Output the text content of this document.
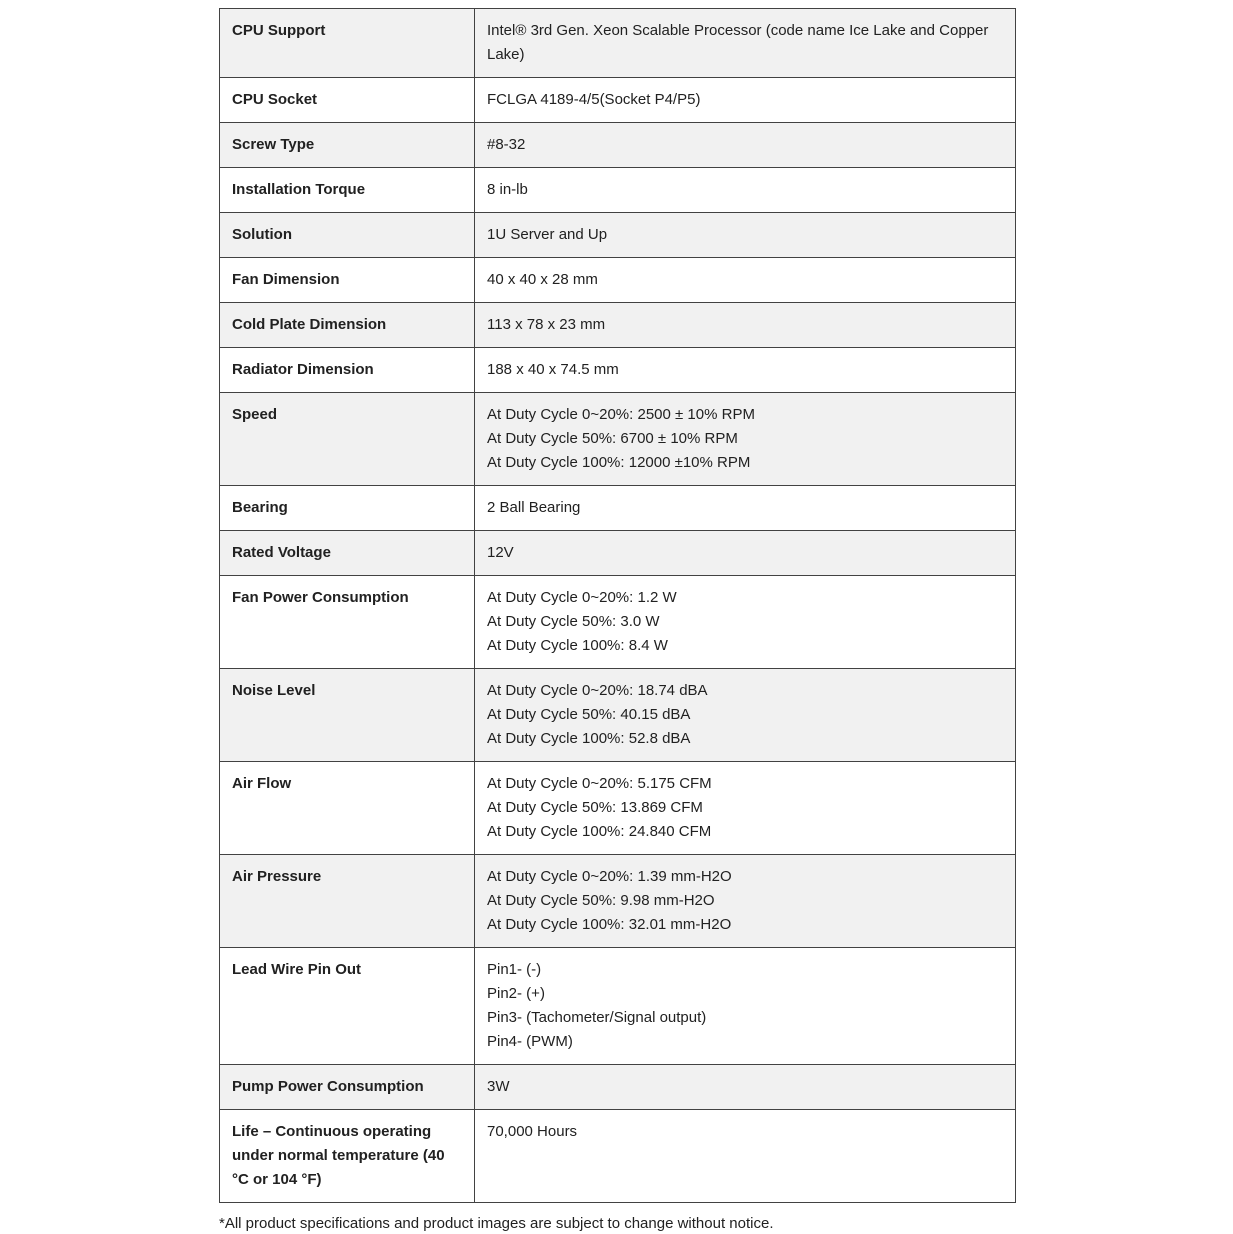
CPU Support	Intel® 3rd Gen. Xeon Scalable Processor (code name Ice Lake and Copper Lake)

CPU Socket	FCLGA 4189-4/5(Socket P4/P5)

Screw Type	#8-32

Installation Torque	8 in-lb

Solution	1U Server and Up

Fan Dimension	40 x 40 x 28 mm

Cold Plate Dimension	113 x 78 x 23 mm

Radiator Dimension	188 x 40 x 74.5 mm

Speed	At Duty Cycle 0~20%: 2500 ± 10% RPM
At Duty Cycle 50%: 6700 ± 10% RPM
At Duty Cycle 100%: 12000 ±10% RPM

Bearing	2 Ball Bearing

Rated Voltage	12V

Fan Power Consumption	At Duty Cycle 0~20%: 1.2 W
At Duty Cycle 50%: 3.0 W
At Duty Cycle 100%: 8.4 W

Noise Level	At Duty Cycle 0~20%: 18.74 dBA
At Duty Cycle 50%: 40.15 dBA
At Duty Cycle 100%: 52.8 dBA

Air Flow	At Duty Cycle 0~20%: 5.175 CFM
At Duty Cycle 50%: 13.869 CFM
At Duty Cycle 100%: 24.840 CFM

Air Pressure	At Duty Cycle 0~20%: 1.39 mm-H2O
At Duty Cycle 50%: 9.98 mm-H2O
At Duty Cycle 100%: 32.01 mm-H2O

Lead Wire Pin Out	Pin1- (-)
Pin2- (+)
Pin3- (Tachometer/Signal output)
Pin4- (PWM)

Pump Power Consumption	3W

Life – Continuous operating under normal temperature (40 °C or 104 °F)	70,000 Hours
*All product specifications and product images are subject to change without notice.
